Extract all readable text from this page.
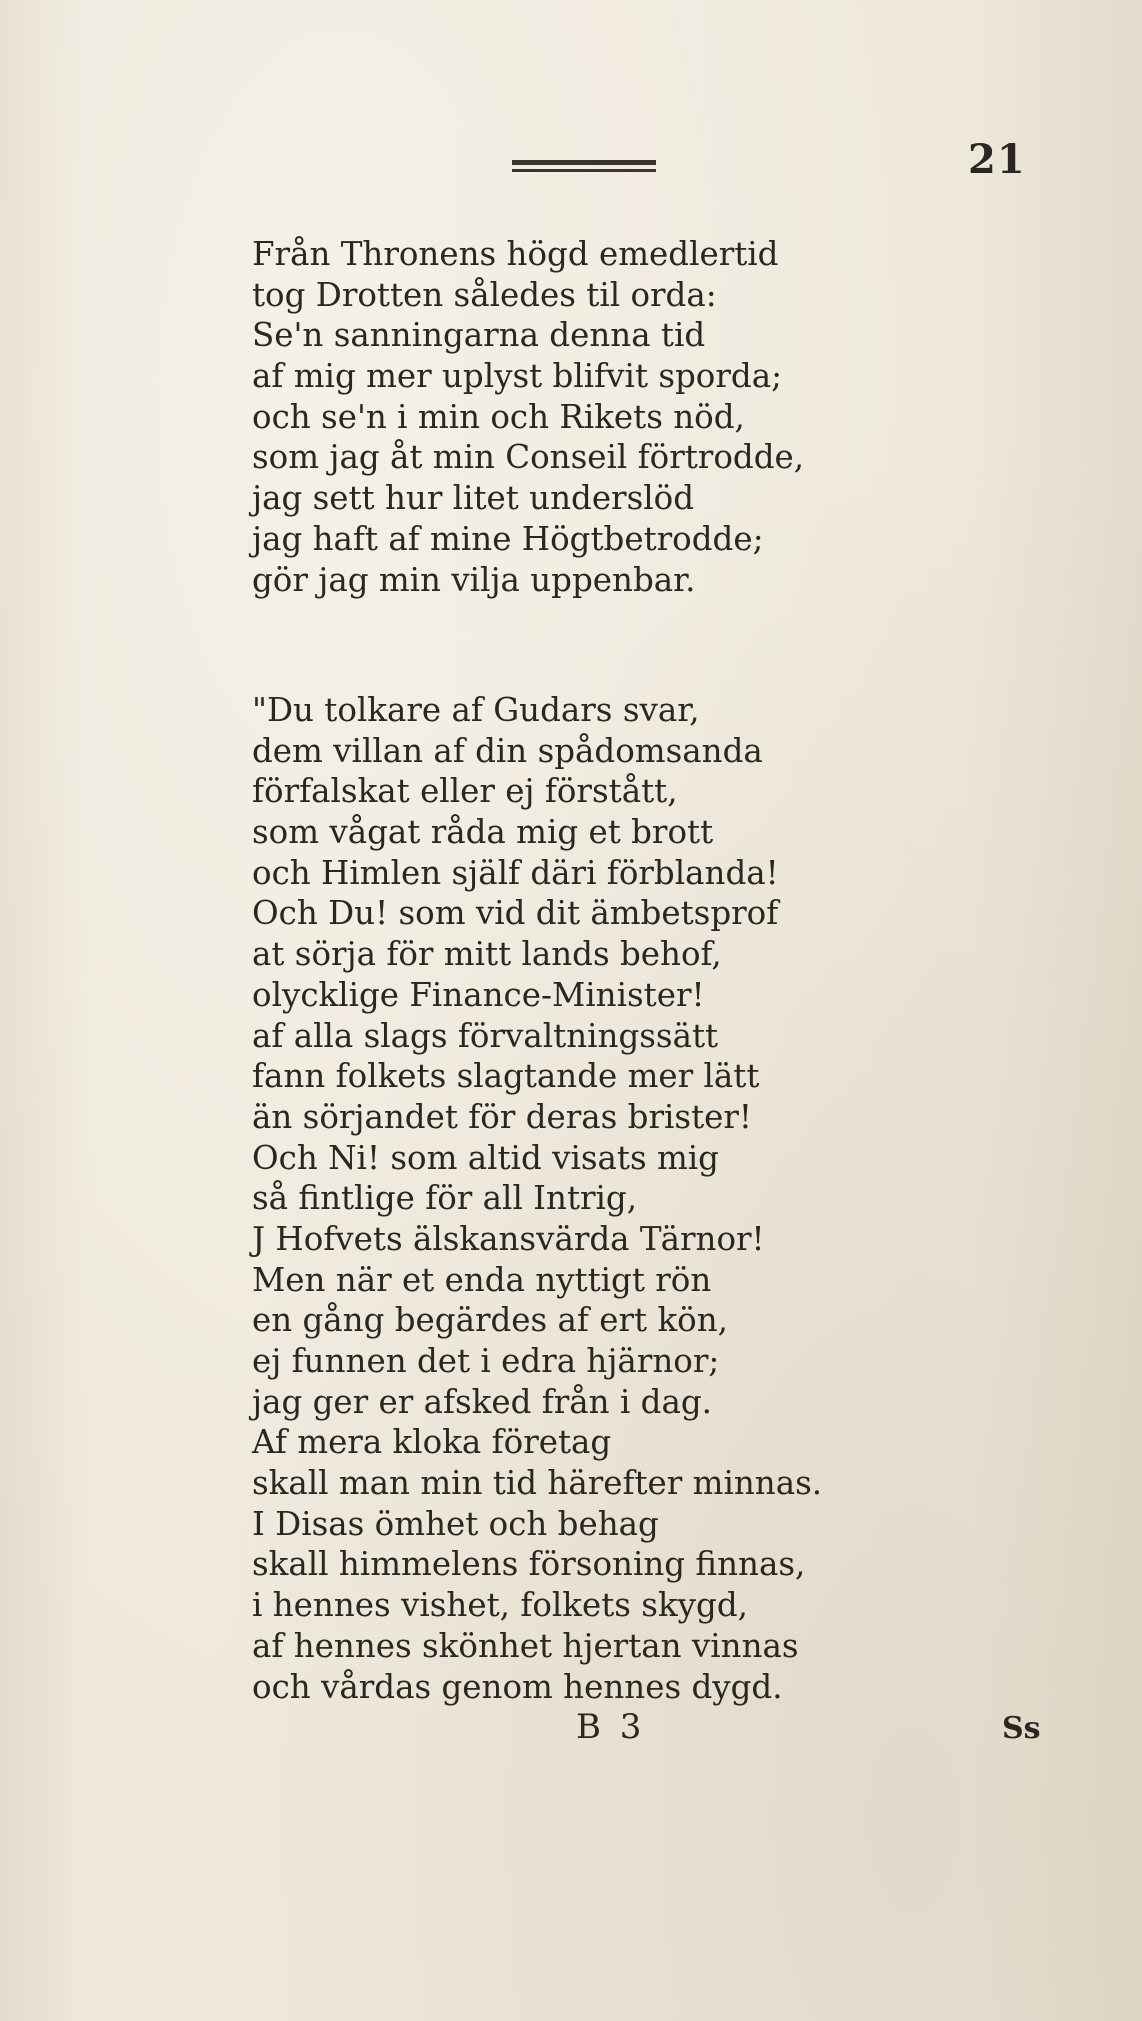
21
Från Thronens högd emedlertid
tog Drotten således til orda:
Se'n sanningarna denna tid
af mig mer uplyst blifvit sporda;
och se'n i min och Rikets nöd,
som jag åt min Conseil förtrodde,
jag sett hur litet underslöd
jag haft af mine Högtbetrodde;
gör jag min vilja uppenbar.
"Du tolkare af Gudars svar,
dem villan af din spådomsanda
förfalskat eller ej förstått,
som vågat råda mig et brott
och Himlen själf däri förblanda!
Och Du! som vid dit ämbetsprof
at sörja för mitt lands behof,
olycklige Finance-Minister!
af alla slags förvaltningssätt
fann folkets slagtande mer lätt
än sörjandet för deras brister!
Och Ni! som altid visats mig
så fintlige för all Intrig,
J Hofvets älskansvärda Tärnor!
Men när et enda nyttigt rön
en gång begärdes af ert kön,
ej funnen det i edra hjärnor;
jag ger er afsked från i dag.
Af mera kloka företag
skall man min tid härefter minnas.
I Disas ömhet och behag
skall himmelens försoning finnas,
i hennes vishet, folkets skygd,
af hennes skönhet hjertan vinnas
och vårdas genom hennes dygd.
B 3	Ss
